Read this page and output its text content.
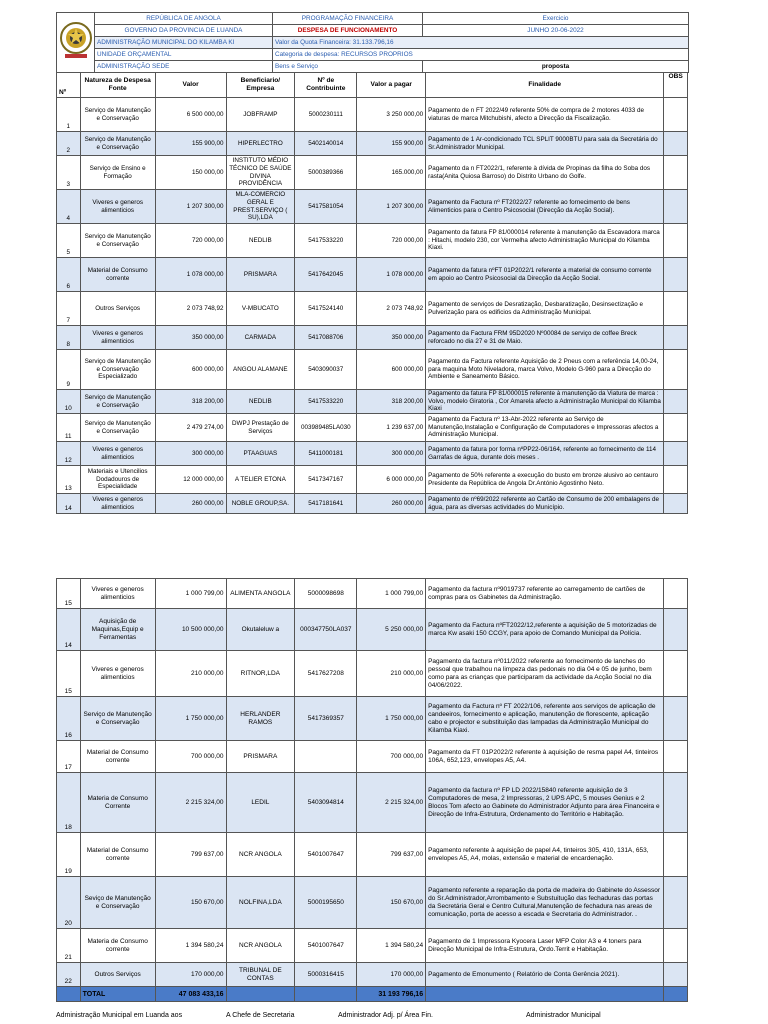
	REPÚBLICA DE ANGOLA	PROGRAMAÇÃO FINANCEIRA	Exercicio
	GOVERNO DA PROVINCIA DE LUANDA	DESPESA DE FUNCIONAMENTO	JUNHO 20-06-2022
	ADMINISTRAÇÃO MUNICIPAL DO KILAMBA KI	Valor da Quota Financeira: 31.133.796,16	
	UNIDADE ORÇAMENTAL	Categoria de despesa: RECURSOS PROPRIOS	
	ADMINISTRAÇÃO SEDE	Bens e Serviço	proposta
Nº	Natureza de Despesa Fonte	Valor	Beneficiario/ Empresa	Nº de Contribuinte	Valor a pagar	Finalidade	OBS
1	Serviço de Manutenção e Conservação	6 500 000,00	JOBFRAMP	5000230111	3 250 000,00	Pagamento de n FT 2022/49 referente 50% de compra de 2 motores 4033 de viaturas de marca Mitchubishi, afecto a Direcção da Fiscalização.	
2	Serviço de Manutenção e Conservação	155 900,00	HIPERLECTRO	5402140014	155 900,00	Pagamento de 1 Ar-condicionado TCL SPLIT 9000BTU para sala da Secretária do Sr.Administrador Municipal.	
3	Serviço de Ensino e Formação	150 000,00	INSTITUTO MÉDIO TÉCNICO DE SAÚDE DIVINA PROVIDÊNCIA	5000389366	165.000,00	Pagamento da n FT2022/1, referente à dívida de Propinas da filha do Soba dos rasta(Anita Quiosa Barroso) do Distrito Urbano do Golfe.	
4	Viveres e generos alimenticios	1 207 300,00	MLA-COMERCIO GERAL E PREST.SERVIÇO ( SU),LDA	5417581054	1 207 300,00	Pagamento da Factura nº FT2022/27 referente ao fornecimento de bens Alimenticios para o Centro Psicosocial (Direcção da Acção Social).	
5	Serviço de Manutenção e Conservação	720 000,00	NEDLIB	5417533220	720 000,00	Pagamento da fatura FP 81/000014 referente à manutenção da Escavadora marca : Hitachi, modelo 230, cor Vermelha afecto Administração Municipal do Kilamba Kiaxi.	
6	Material de Consumo corrente	1 078 000,00	PRISMARA	5417642045	1 078 000,00	Pagamento da fatura nºFT 01P2022/1 referente a material de consumo corrente em apoio ao Centro Psicosocial da Direcção da Acção Social.	
7	Outros Serviços	2 073 748,92	V-MBUCATO	5417524140	2 073 748,92	Pagamento de serviços de Desratização, Desbaratização, Desinsectização e Pulverização para os edificios da Administração Municipal.	
8	Viveres e generos alimenticios	350 000,00	CARMADA	5417088706	350 000,00	Pagamento da Factura FRM 95D2020 Nº00084 de serviço de coffee Breck reforcado no dia 27 e 31 de Maio.	
9	Serviço de Manutenção e Conservação Especializado	600 000,00	ANGOU ALAMANE	5403090037	600 000,00	Pagamento da Factura referente Aquisição de 2 Pneus com a referência 14,00-24, para maquina Moto Niveladora, marca Volvo, Modelo G-960 para a Direcção do Ambiente e Saneamento Básico.	
10	Serviço de Manutenção e Conservação	318 200,00	NEDLIB	5417533220	318 200,00	Pagamento da fatura FP 81/000015 referente à manutenção da Viatura de marca : Volvo, modelo Giratoria , Cor Amarela afecto a Administração Municipal do Kilamba Kiaxi	
11	Serviço de Manutenção e Conservação	2 479 274,00	DWPJ Prestação de Serviços	003989485LA030	1 239 637,00	Pagamento da Factura nº 13-Abr-2022 referente ao Serviço de Manutenção,Instalação e Configuração de Computadores e Impressoras afectos a Administração Municipal.	
12	Viveres e generos alimenticios	300 000,00	PTAAGUAS	5411000181	300 000,00	Pagamento da fatura por forma nºPP22-06/164, referente ao fornecimento de 114 Garrafas de água, durante dois meses .	
13	Materiais e Utencilios Dodadouros de Especialidade	12 000 000,00	A TELIER ETONA	5417347167	6 000 000,00	Pagamento de 50% referente a execução do busto em bronze alusivo ao centauro Presidente da República de Angola Dr.António Agostinho Neto.	
14	Viveres e generos alimenticios	260 000,00	NOBLE GROUP,SA.	5417181641	260 000,00	Pagamento de nº69/2022 referente ao Cartão de Consumo de 200 embalagens de água, para as diversas actividades do Município.	
15	Viveres e generos alimenticios	1 000 799,00	ALIMENTA ANGOLA	5000098698	1 000 799,00	Pagamento da factura nº9019737 referente ao carregamento de cartões de compras para os Gabinetes da Administração.	
14	Aquisição de Maquinas,Equip e Ferramentas	10 500 000,00	Okutaleluw a	000347750LA037	5 250 000,00	Pagamento da Factura nºFT2022/12,referente a aquisição de 5 motorizadas de marca Kw asaki 150 CCGY, para apoio de Comando Municipal da Polícia.	
15	Viveres e generos alimenticios	210 000,00	RITNOR,LDA	5417627208	210 000,00	Pagamento da factura nº011/2022 referente ao fornecimento de lanches do pessoal que trabalhou na limpeza das pedonais no dia 04 e 05 de junho, bem como para as crianças que participaram da actividade da Acção Social no dia 04/06/2022.	
16	Serviço de Manutenção e Conservação	1 750 000,00	HERLANDER RAMOS	5417369357	1 750 000,00	Pagamento da Factura nº FT 2022/106, referente aos serviços de aplicação de candeeiros, fornecimento e aplicação, manutenção de florescente, aplicação cabo e projector e substituição das lampadas da Administração Municipal do Kilamba Kiaxi.	
17	Material de Consumo corrente	700 000,00	PRISMARA		700 000,00	Pagamento da FT 01P2022/2 referente à aquisição de resma papel A4, tinteiros 106A, 652,123, envelopes A5, A4.	
18	Materia de Consumo Corrente	2 215 324,00	LEDIL	5403094814	2 215 324,00	Pagamento da factura nº FP LD 2022/15840 referente aquisição de 3 Computadores de mesa, 2 Impressoras, 2 UPS APC, 5 mouses Genius e 2 Blocos Tom afecto ao Gabinete do Administrador Adjunto para área Financeira e Direcção de Infra-Estrutura, Ordenamento do Território e Habitação.	
19	Material de Consumo corrente	799 637,00	NCR ANGOLA	5401007647	799 637,00	Pagamento referente à aquisição de papel A4, tinteiros 305, 410, 131A, 653, envelopes A5, A4, molas, extensão e material de encardenação.	
20	Seviço de Manutenção e Conservação	150 670,00	NOLFINA,LDA	5000195650	150 670,00	Pagamento referente a reparação da porta de madeira do Gabinete do Assessor do Sr.Administrador,Arrombamento e Substuitução das fechaduras das portas da Secretária Geral e Centro Cultural,Manutenção de fechadura nas areas de comunicação, porta de acesso a escada e Secretaria do Administrador. .	
21	Materia de Consumo corrente	1 394 580,24	NCR ANGOLA	5401007647	1 394 580,24	Pagamento de 1 Impressora Kyocera Laser MFP Color A3 e 4 toners para Direcção Municipal de Infra-Estrutura, Ordo.Territ e Habitação.	
22	Outros Serviços	170 000,00	TRIBUNAL DE CONTAS	5000316415	170 000,00	Pagamento de Emonumento ( Relatório de Conta Gerência 2021).	
	TOTAL	47 083 433,16			31 193 796,16		
Administração Municipal em Luanda aos	A Chefe de Secretaria	Administrador Adj. p/ Área Fin.	Administrador Municipal
